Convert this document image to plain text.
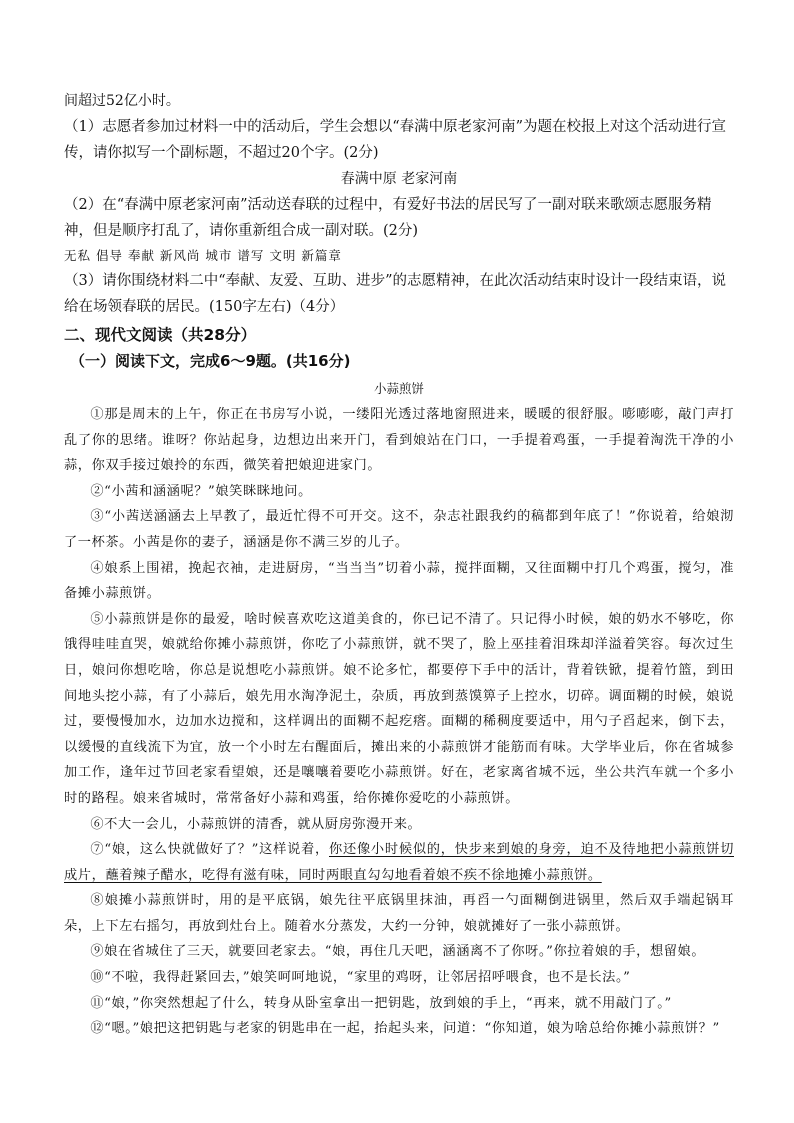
间超过52亿小时。

（1）志愿者参加过材料一中的活动后，学生会想以“春满中原老家河南”为题在校报上对这个活动进行宣传，请你拟写一个副标题，不超过20个字。(2分)

春满中原 老家河南

（2）在“春满中原老家河南”活动送春联的过程中，有爱好书法的居民写了一副对联来歌颂志愿服务精神，但是顺序打乱了，请你重新组合成一副对联。(2分)

无私 倡导 奉献 新风尚 城市 谱写 文明 新篇章

（3）请你围绕材料二中“奉献、友爱、互助、进步”的志愿精神，在此次活动结束时设计一段结束语，说给在场领春联的居民。(150字左右)（4分）

二、现代文阅读（共28分）

（一）阅读下文，完成6～9题。(共16分)

小蒜煎饼

①那是周末的上午，你正在书房写小说，一缕阳光透过落地窗照进来，暖暖的很舒服。嘭嘭嘭，敲门声打乱了你的思绪。谁呀？你站起身，边想边出来开门，看到娘站在门口，一手提着鸡蛋，一手提着淘洗干净的小蒜，你双手接过娘拎的东西，微笑着把娘迎进家门。

②“小茜和涵涵呢？”娘笑眯眯地问。

③“小茜送涵涵去上早教了，最近忙得不可开交。这不，杂志社跟我约的稿都到年底了！”你说着，给娘沏了一杯茶。小茜是你的妻子，涵涵是你不满三岁的儿子。

④娘系上围裙，挽起衣袖，走进厨房，“当当当”切着小蒜，搅拌面糊，又往面糊中打几个鸡蛋，搅匀，准备摊小蒜煎饼。

⑤小蒜煎饼是你的最爱，啥时候喜欢吃这道美食的，你已记不清了。只记得小时候，娘的奶水不够吃，你饿得哇哇直哭，娘就给你摊小蒜煎饼，你吃了小蒜煎饼，就不哭了，脸上巫挂着泪珠却洋溢着笑容。每次过生日，娘问你想吃啥，你总是说想吃小蒜煎饼。娘不论多忙，都要停下手中的活计，背着铁锨，提着竹篮，到田间地头挖小蒜，有了小蒜后，娘先用水淘净泥土，杂质，再放到蒸馍箅子上控水，切碎。调面糊的时候，娘说过，要慢慢加水，边加水边搅和，这样调出的面糊不起疙瘩。面糊的稀稠度要适中，用勺子舀起来，倒下去，以缓慢的直线流下为宜，放一个小时左右醒面后，摊出来的小蒜煎饼才能筋而有味。大学毕业后，你在省城参加工作，逢年过节回老家看望娘，还是嚷嚷着要吃小蒜煎饼。好在，老家离省城不远，坐公共汽车就一个多小时的路程。娘来省城时，常常备好小蒜和鸡蛋，给你摊你爱吃的小蒜煎饼。

⑥不大一会儿，小蒜煎饼的清香，就从厨房弥漫开来。

⑦“娘，这么快就做好了？”这样说着，你还像小时候似的，快步来到娘的身旁，迫不及待地把小蒜煎饼切成片，蘸着辣子醋水，吃得有滋有味，同时两眼直勾勾地看着娘不疾不徐地摊小蒜煎饼。

⑧娘摊小蒜煎饼时，用的是平底锅，娘先往平底锅里抹油，再舀一勺面糊倒进锅里，然后双手端起锅耳朵，上下左右摇匀，再放到灶台上。随着水分蒸发，大约一分钟，娘就摊好了一张小蒜煎饼。

⑨娘在省城住了三天，就要回老家去。“娘，再住几天吧，涵涵离不了你呀。”你拉着娘的手，想留娘。

⑩“不啦，我得赶紧回去，”娘笑呵呵地说，“家里的鸡呀，让邻居招呼喂食，也不是长法。”

⑪“娘，”你突然想起了什么，转身从卧室拿出一把钥匙，放到娘的手上，“再来，就不用敲门了。”

⑫“嗯。”娘把这把钥匙与老家的钥匙串在一起，抬起头来，问道：“你知道，娘为啥总给你摊小蒜煎饼？”
